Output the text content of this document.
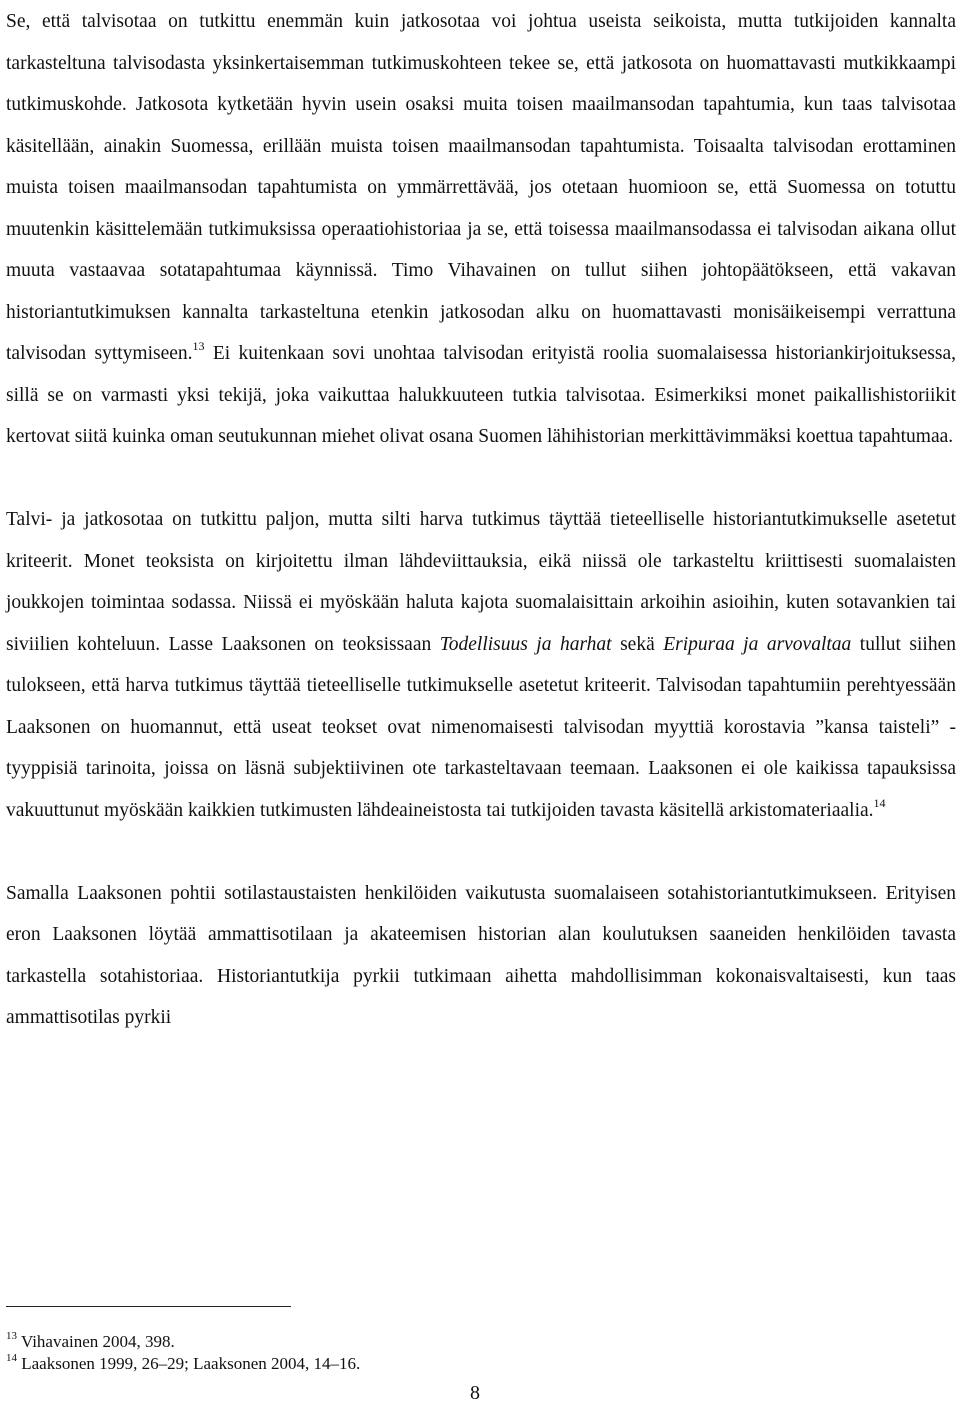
Se, että talvisotaa on tutkittu enemmän kuin jatkosotaa voi johtua useista seikoista, mutta tutkijoiden kannalta tarkasteltuna talvisodasta yksinkertaisemman tutkimuskohteen tekee se, että jatkosota on huomattavasti mutkikkaampi tutkimuskohde. Jatkosota kytketään hyvin usein osaksi muita toisen maailmansodan tapahtumia, kun taas talvisotaa käsitellään, ainakin Suomessa, erillään muista toisen maailmansodan tapahtumista. Toisaalta talvisodan erottaminen muista toisen maailmansodan tapahtumista on ymmärrettävää, jos otetaan huomioon se, että Suomessa on totuttu muutenkin käsittelemään tutkimuksissa operaatiohistoriaa ja se, että toisessa maailmansodassa ei talvisodan aikana ollut muuta vastaavaa sotatapahtumaa käynnissä. Timo Vihavainen on tullut siihen johtopäätökseen, että vakavan historiantutkimuksen kannalta tarkasteltuna etenkin jatkosodan alku on huomattavasti monisäikeisempi verrattuna talvisodan syttymiseen.$^{13}$ Ei kuitenkaan sovi unohtaa talvisodan erityistä roolia suomalaisessa historiankirjoituksessa, sillä se on varmasti yksi tekijä, joka vaikuttaa halukkuuteen tutkia talvisotaa. Esimerkiksi monet paikallishistoriikit kertovat siitä kuinka oman seutukunnan miehet olivat osana Suomen lähihistorian merkittävimmäksi koettua tapahtumaa.

Talvi- ja jatkosotaa on tutkittu paljon, mutta silti harva tutkimus täyttää tieteelliselle historiantutkimukselle asetetut kriteerit. Monet teoksista on kirjoitettu ilman lähdeviittauksia, eikä niissä ole tarkasteltu kriittisesti suomalaisten joukkojen toimintaa sodassa. Niissä ei myöskään haluta kajota suomalaisittain arkoihin asioihin, kuten sotavankien tai siviilien kohteluun. Lasse Laaksonen on teoksissaan Todellisuus ja harhat sekä Eripuraa ja arvovaltaa tullut siihen tulokseen, että harva tutkimus täyttää tieteelliselle tutkimukselle asetetut kriteerit. Talvisodan tapahtumiin perehtyessään Laaksonen on huomannut, että useat teokset ovat nimenomaisesti talvisodan myyttiä korostavia ”kansa taisteli” -tyyppisiä tarinoita, joissa on läsnä subjektiivinen ote tarkasteltavaan teemaan. Laaksonen ei ole kaikissa tapauksissa vakuuttunut myöskään kaikkien tutkimusten lähdeaineistosta tai tutkijoiden tavasta käsitellä arkistomateriaalia.$^{14}$

Samalla Laaksonen pohtii sotilastaustaisten henkilöiden vaikutusta suomalaiseen sotahistoriantutkimukseen. Erityisen eron Laaksonen löytää ammattisotilaan ja akateemisen historian alan koulutuksen saaneiden henkilöiden tavasta tarkastella sotahistoriaa. Historiantutkija pyrkii tutkimaan aihetta mahdollisimman kokonaisvaltaisesti, kun taas ammattisotilas pyrkii

$^{13}$ Vihavainen 2004, 398.

$^{14}$ Laaksonen 1999, 26–29; Laaksonen 2004, 14–16.

8
